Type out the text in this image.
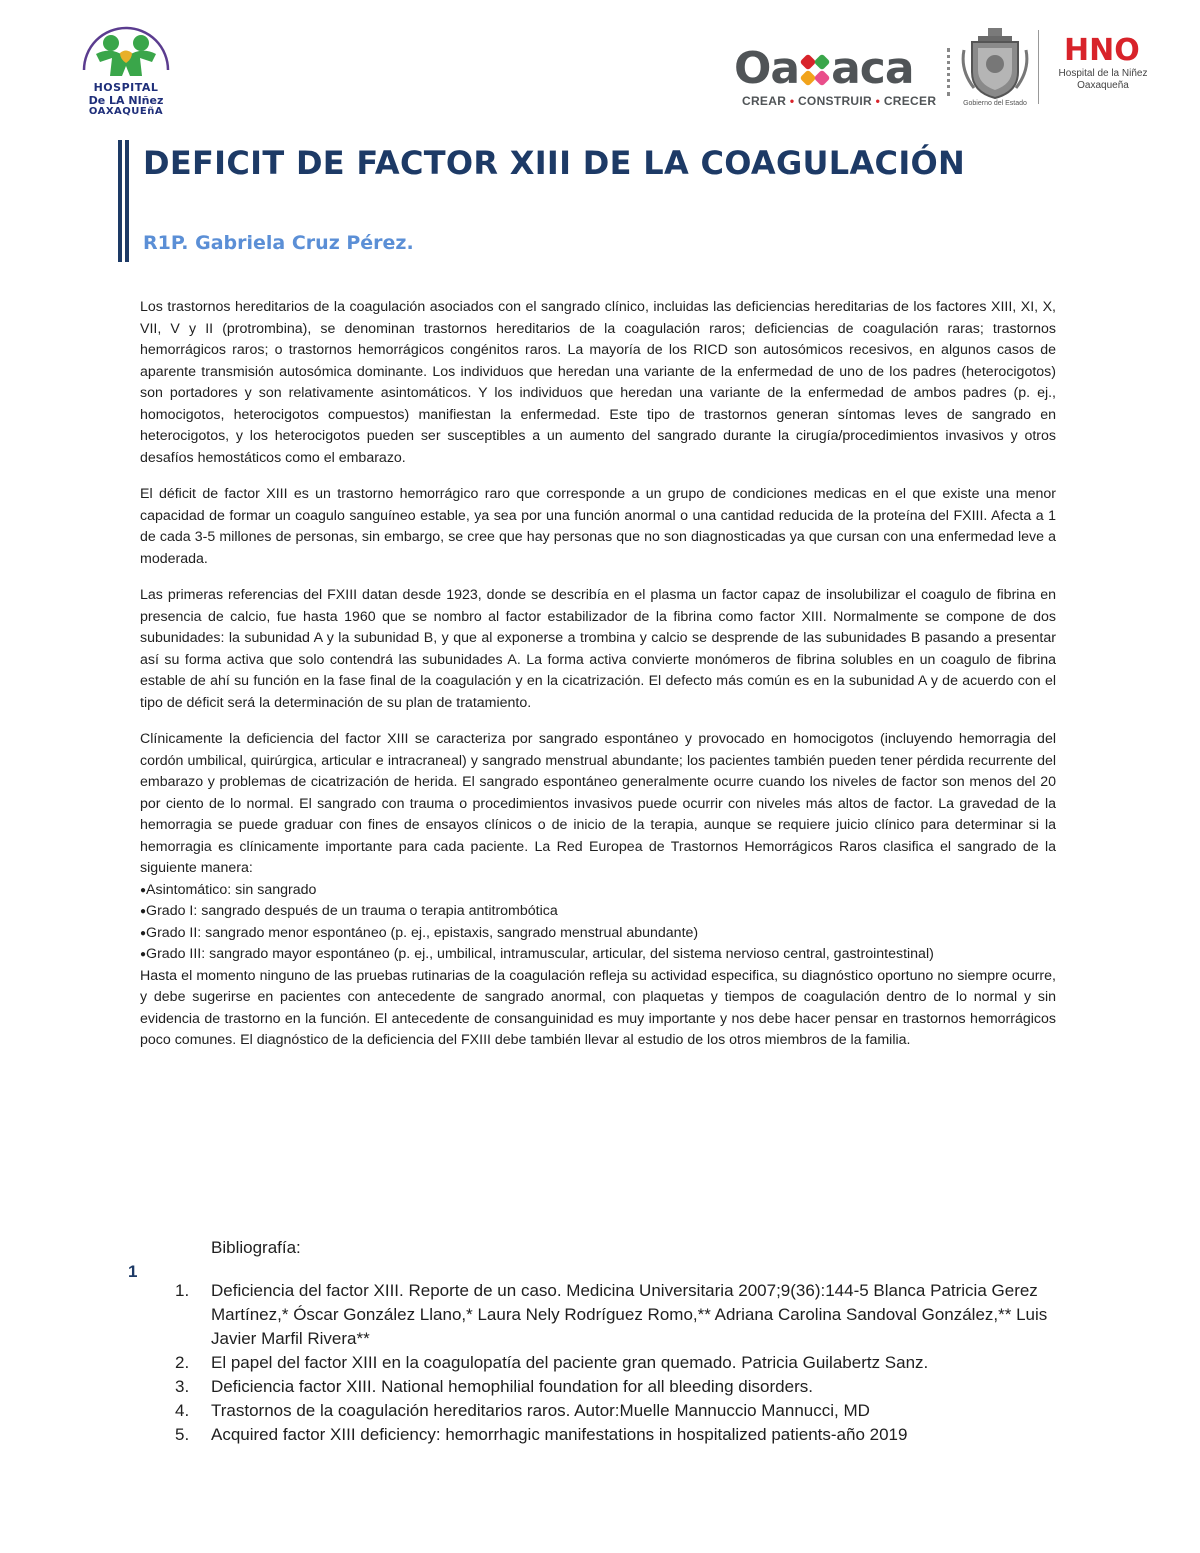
HOSPITAL
De LA NIñez
OAXAQUEñA
Oa aca
CREAR • CONSTRUIR • CRECER	Gobierno del Estado
HNO
Hospital de la Niñez
Oaxaqueña
DEFICIT DE FACTOR XIII DE LA COAGULACIÓN

R1P. Gabriela Cruz Pérez.

Los trastornos hereditarios de la coagulación asociados con el sangrado clínico, incluidas las deficiencias hereditarias de los factores XIII, XI, X, VII, V y II (protrombina), se denominan trastornos hereditarios de la coagulación raros; deficiencias de coagulación raras; trastornos hemorrágicos raros; o trastornos hemorrágicos congénitos raros. La mayoría de los RICD son autosómicos recesivos, en algunos casos de aparente transmisión autosómica dominante. Los individuos que heredan una variante de la enfermedad de uno de los padres (heterocigotos) son portadores y son relativamente asintomáticos. Y los individuos que heredan una variante de la enfermedad de ambos padres (p. ej., homocigotos, heterocigotos compuestos) manifiestan la enfermedad. Este tipo de trastornos generan síntomas leves de sangrado en heterocigotos, y los heterocigotos pueden ser susceptibles a un aumento del sangrado durante la cirugía/procedimientos invasivos y otros desafíos hemostáticos como el embarazo.

El déficit de factor XIII es un trastorno hemorrágico raro que corresponde a un grupo de condiciones medicas en el que existe una menor capacidad de formar un coagulo sanguíneo estable, ya sea por una función anormal o una cantidad reducida de la proteína del FXIII. Afecta a 1 de cada 3-5 millones de personas, sin embargo, se cree que hay personas que no son diagnosticadas ya que cursan con una enfermedad leve a moderada.

Las primeras referencias del FXIII datan desde 1923, donde se describía en el plasma un factor capaz de insolubilizar el coagulo de fibrina en presencia de calcio, fue hasta 1960 que se nombro al factor estabilizador de la fibrina como factor XIII. Normalmente se compone de dos subunidades: la subunidad A y la subunidad B, y que al exponerse a trombina y calcio se desprende de las subunidades B pasando a presentar así su forma activa que solo contendrá las subunidades A. La forma activa convierte monómeros de fibrina solubles en un coagulo de fibrina estable de ahí su función en la fase final de la coagulación y en la cicatrización. El defecto más común es en la subunidad A y de acuerdo con el tipo de déficit será la determinación de su plan de tratamiento.

Clínicamente la deficiencia del factor XIII se caracteriza por sangrado espontáneo y provocado en homocigotos (incluyendo hemorragia del cordón umbilical, quirúrgica, articular e intracraneal) y sangrado menstrual abundante; los pacientes también pueden tener pérdida recurrente del embarazo y problemas de cicatrización de herida. El sangrado espontáneo generalmente ocurre cuando los niveles de factor son menos del 20 por ciento de lo normal. El sangrado con trauma o procedimientos invasivos puede ocurrir con niveles más altos de factor. La gravedad de la hemorragia se puede graduar con fines de ensayos clínicos o de inicio de la terapia, aunque se requiere juicio clínico para determinar si la hemorragia es clínicamente importante para cada paciente. La Red Europea de Trastornos Hemorrágicos Raros clasifica el sangrado de la siguiente manera:

●Asintomático: sin sangrado
●Grado I: sangrado después de un trauma o terapia antitrombótica
●Grado II: sangrado menor espontáneo (p. ej., epistaxis, sangrado menstrual abundante)
●Grado III: sangrado mayor espontáneo (p. ej., umbilical, intramuscular, articular, del sistema nervioso central, gastrointestinal)

Hasta el momento ninguno de las pruebas rutinarias de la coagulación refleja su actividad especifica, su diagnóstico oportuno no siempre ocurre, y debe sugerirse en pacientes con antecedente de sangrado anormal, con plaquetas y tiempos de coagulación dentro de lo normal y sin evidencia de trastorno en la función. El antecedente de consanguinidad es muy importante y nos debe hacer pensar en trastornos hemorrágicos poco comunes. El diagnóstico de la deficiencia del FXIII debe también llevar al estudio de los otros miembros de la familia.

1

Bibliografía:

1. Deficiencia del factor XIII. Reporte de un caso. Medicina Universitaria 2007;9(36):144-5 Blanca Patricia Gerez Martínez,* Óscar González Llano,* Laura Nely Rodríguez Romo,** Adriana Carolina Sandoval González,** Luis Javier Marfil Rivera**
2. El papel del factor XIII en la coagulopatía del paciente gran quemado. Patricia Guilabertz Sanz.
3. Deficiencia factor XIII. National hemophilial foundation for all bleeding disorders.
4. Trastornos de la coagulación hereditarios raros. Autor:Muelle Mannuccio Mannucci, MD
5. Acquired factor XIII deficiency: hemorrhagic manifestations in hospitalized patients-año 2019
